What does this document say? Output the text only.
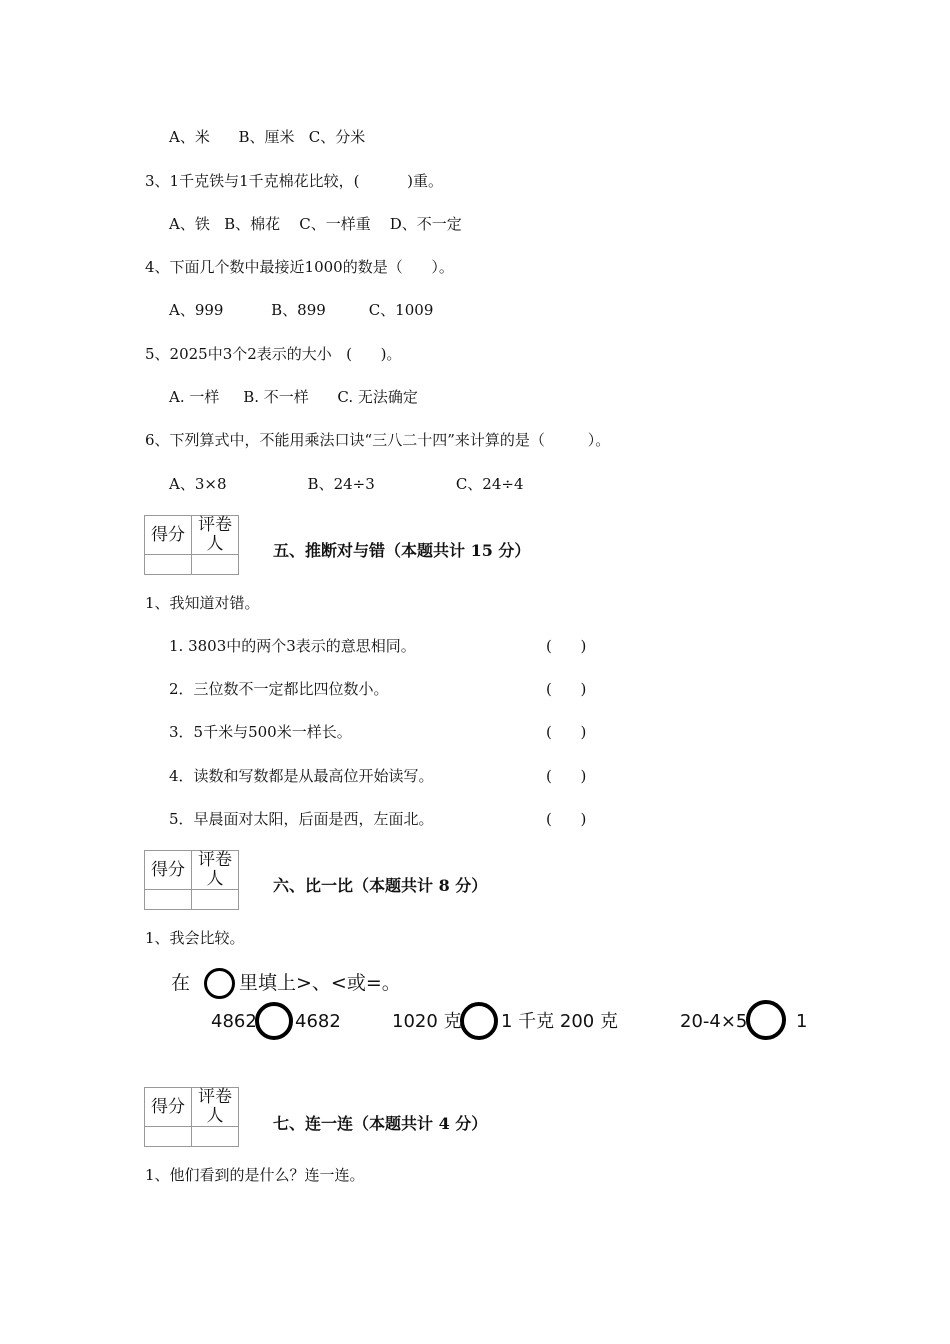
A、米      B、厘米   C、分米
3、1千克铁与1千克棉花比较，(          )重。
A、铁   B、棉花    C、一样重    D、不一定
4、下面几个数中最接近1000的数是（      ）。
A、999          B、899         C、1009
5、2025中3个2表示的大小   (      )。
A. 一样     B. 不一样      C. 无法确定
6、下列算式中，不能用乘法口诀“三八二十四”来计算的是（         ）。
A、3×8                 B、24÷3                 C、24÷4
得分	评卷人
		五、推断对与错（本题共计 15 分）
1、我知道对错。
1. 3803中的两个3表示的意思相同。	(      )
2．三位数不一定都比四位数小。	(      )
3．5千米与500米一样长。	(      )
4．读数和写数都是从最高位开始读写。	(      )
5．早晨面对太阳，后面是西，左面北。	(      )
得分	评卷人
		六、比一比（本题共计 8 分）
1、我会比较。
在	里填上>、<或=。
4862 4682	1020 克 1 千克 200 克	20-4×5	1
得分	评卷人
		七、连一连（本题共计 4 分）
1、他们看到的是什么？连一连。
